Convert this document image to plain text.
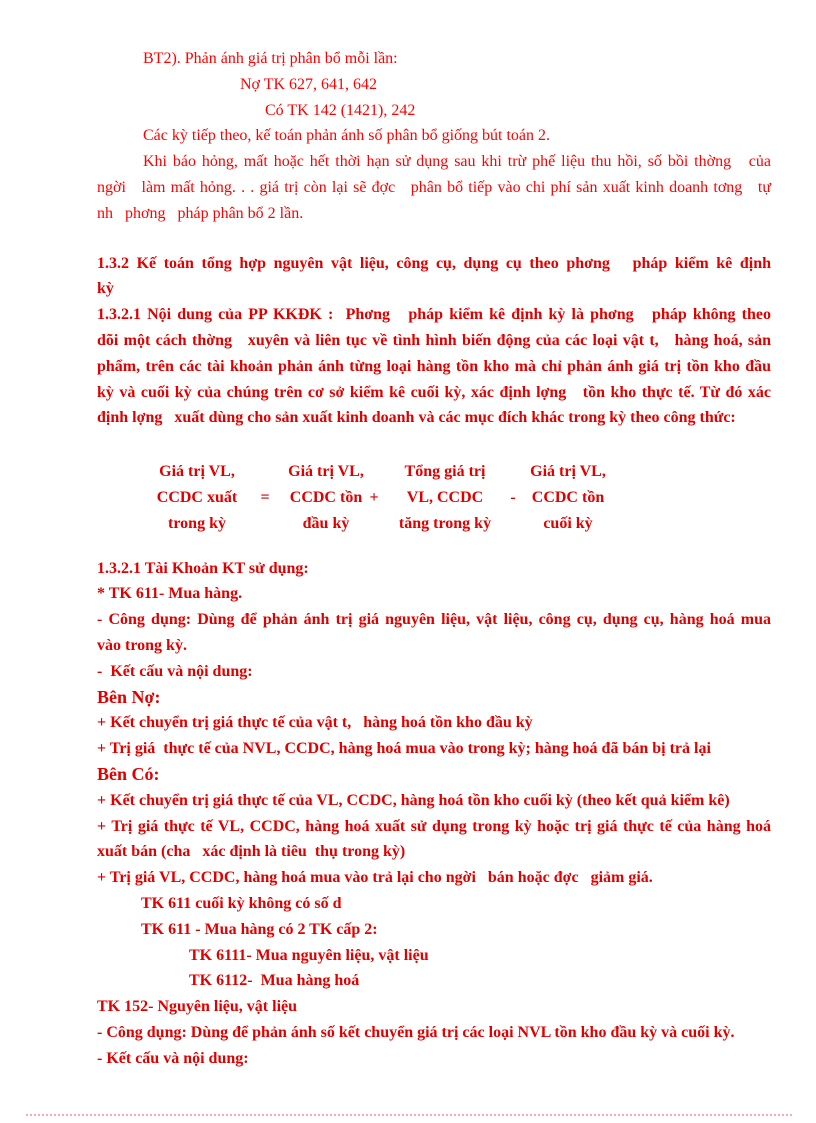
BT2). Phản ánh giá trị phân bổ mỗi lần:
Nợ TK 627, 641, 642
Có TK 142 (1421), 242
Các kỳ tiếp theo, kế toán phản ánh số phân bổ giống bút toán 2.
Khi báo hỏng, mất hoặc hết thời hạn sử dụng sau khi trừ phế liệu thu hồi, số bồi thờng   của
ngời   làm mất hỏng. . . giá trị còn lại sẽ đợc   phân bổ tiếp vào chi phí sản xuất kinh doanh tơng   tự
nh   phơng   pháp phân bổ 2 lần.
1.3.2 Kế toán tổng hợp nguyên vật liệu, công cụ, dụng cụ theo phơng   pháp kiểm kê định
kỳ
1.3.2.1 Nội dung của PP KKĐK :  Phơng   pháp kiểm kê định kỳ là phơng   pháp không theo
dõi một cách thờng   xuyên và liên tục về tình hình biến động của các loại vật t,   hàng hoá, sản
phẩm, trên các tài khoản phản ánh từng loại hàng tồn kho mà chỉ phản ánh giá trị tồn kho đầu
kỳ và cuối kỳ của chúng trên cơ sở kiểm kê cuối kỳ, xác định lợng   tồn kho thực tế. Từ đó xác
định lợng   xuất dùng cho sản xuất kinh doanh và các mục đích khác trong kỳ theo công thức:
Giá trị VL,
CCDC xuất
trong kỳ
=
Giá trị VL,
CCDC tồn
đầu kỳ
+
Tổng giá trị
VL, CCDC
tăng trong kỳ
-
Giá trị VL,
CCDC tồn
cuối kỳ
1.3.2.1 Tài Khoản KT sử dụng:
* TK 611- Mua hàng.
- Công dụng: Dùng để phản ánh trị giá nguyên liệu, vật liệu, công cụ, dụng cụ, hàng hoá mua
vào trong kỳ.
-  Kết cấu và nội dung:
Bên Nợ:
+ Kết chuyển trị giá thực tế của vật t,   hàng hoá tồn kho đầu kỳ
+ Trị giá  thực tế của NVL, CCDC, hàng hoá mua vào trong kỳ; hàng hoá đã bán bị trả lại
Bên Có:
+ Kết chuyển trị giá thực tế của VL, CCDC, hàng hoá tồn kho cuối kỳ (theo kết quả kiểm kê)
+ Trị giá thực tế VL, CCDC, hàng hoá xuất sử dụng trong kỳ hoặc trị giá thực tế của hàng hoá
xuất bán (cha   xác định là tiêu  thụ trong kỳ)
+ Trị giá VL, CCDC, hàng hoá mua vào trả lại cho ngời   bán hoặc đợc   giảm giá.
TK 611 cuối kỳ không có số d
TK 611 - Mua hàng có 2 TK cấp 2:
TK 6111- Mua nguyên liệu, vật liệu
TK 6112-  Mua hàng hoá
TK 152- Nguyên liệu, vật liệu
- Công dụng: Dùng để phản ánh số kết chuyển giá trị các loại NVL tồn kho đầu kỳ và cuối kỳ.
- Kết cấu và nội dung:
